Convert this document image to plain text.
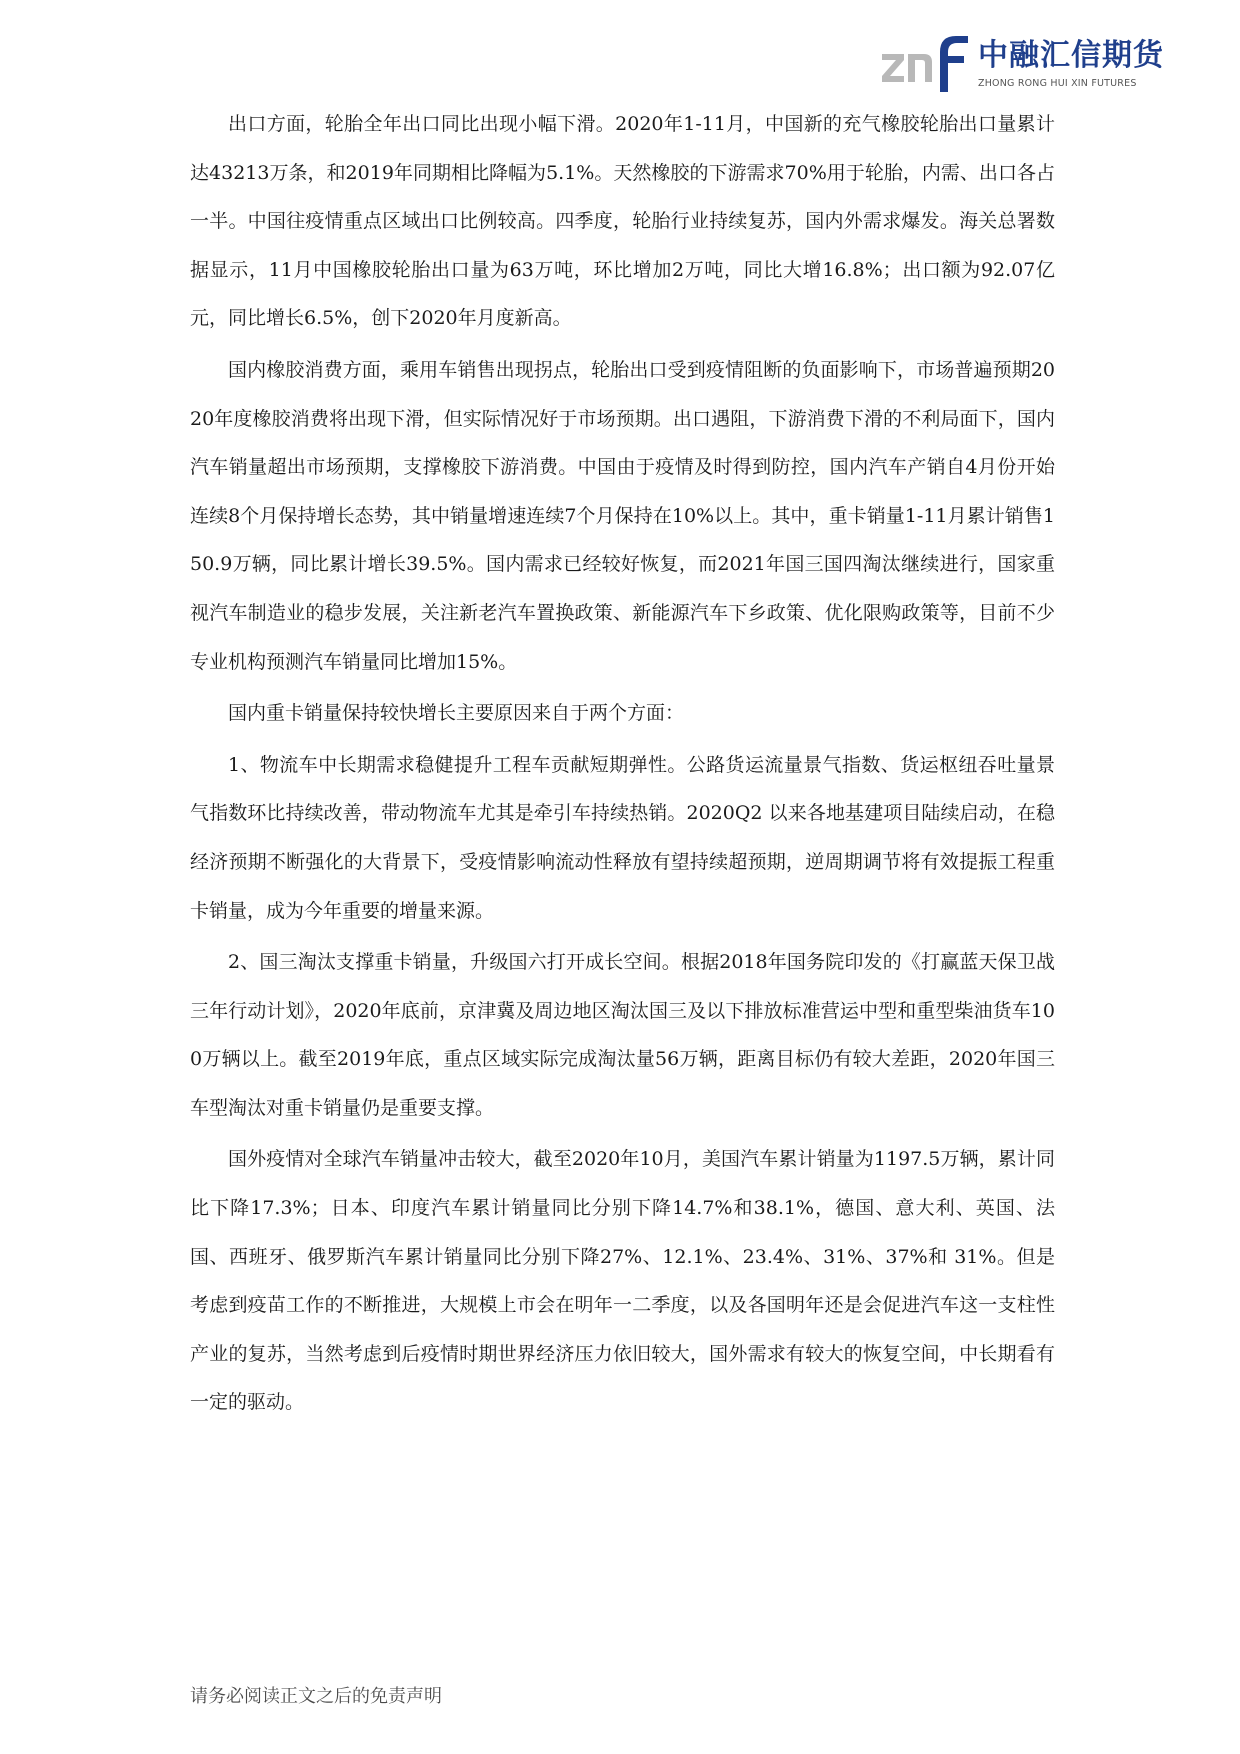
中融汇信期货
ZHONG RONG HUI XIN FUTURES

出口方面，轮胎全年出口同比出现小幅下滑。2020年1-11月，中国新的充气橡胶轮胎出口量累计达43213万条，和2019年同期相比降幅为5.1%。天然橡胶的下游需求70%用于轮胎，内需、出口各占一半。中国往疫情重点区域出口比例较高。四季度，轮胎行业持续复苏，国内外需求爆发。海关总署数据显示，11月中国橡胶轮胎出口量为63万吨，环比增加2万吨，同比大增16.8%；出口额为92.07亿元，同比增长6.5%，创下2020年月度新高。

国内橡胶消费方面，乘用车销售出现拐点，轮胎出口受到疫情阻断的负面影响下，市场普遍预期2020年度橡胶消费将出现下滑，但实际情况好于市场预期。出口遇阻，下游消费下滑的不利局面下，国内汽车销量超出市场预期，支撑橡胶下游消费。中国由于疫情及时得到防控，国内汽车产销自4月份开始连续8个月保持增长态势，其中销量增速连续7个月保持在10%以上。其中，重卡销量1-11月累计销售150.9万辆，同比累计增长39.5%。国内需求已经较好恢复，而2021年国三国四淘汰继续进行，国家重视汽车制造业的稳步发展，关注新老汽车置换政策、新能源汽车下乡政策、优化限购政策等，目前不少专业机构预测汽车销量同比增加15%。

国内重卡销量保持较快增长主要原因来自于两个方面：

1、物流车中长期需求稳健提升工程车贡献短期弹性。公路货运流量景气指数、货运枢纽吞吐量景气指数环比持续改善，带动物流车尤其是牵引车持续热销。2020Q2 以来各地基建项目陆续启动，在稳经济预期不断强化的大背景下，受疫情影响流动性释放有望持续超预期，逆周期调节将有效提振工程重卡销量，成为今年重要的增量来源。

2、国三淘汰支撑重卡销量，升级国六打开成长空间。根据2018年国务院印发的《打赢蓝天保卫战三年行动计划》，2020年底前，京津冀及周边地区淘汰国三及以下排放标准营运中型和重型柴油货车100万辆以上。截至2019年底，重点区域实际完成淘汰量56万辆，距离目标仍有较大差距，2020年国三车型淘汰对重卡销量仍是重要支撑。

国外疫情对全球汽车销量冲击较大，截至2020年10月，美国汽车累计销量为1197.5万辆，累计同比下降17.3%；日本、印度汽车累计销量同比分别下降14.7%和38.1%，德国、意大利、英国、法国、西班牙、俄罗斯汽车累计销量同比分别下降27%、12.1%、23.4%、31%、37%和 31%。但是考虑到疫苗工作的不断推进，大规模上市会在明年一二季度，以及各国明年还是会促进汽车这一支柱性产业的复苏，当然考虑到后疫情时期世界经济压力依旧较大，国外需求有较大的恢复空间，中长期看有一定的驱动。

请务必阅读正文之后的免责声明
